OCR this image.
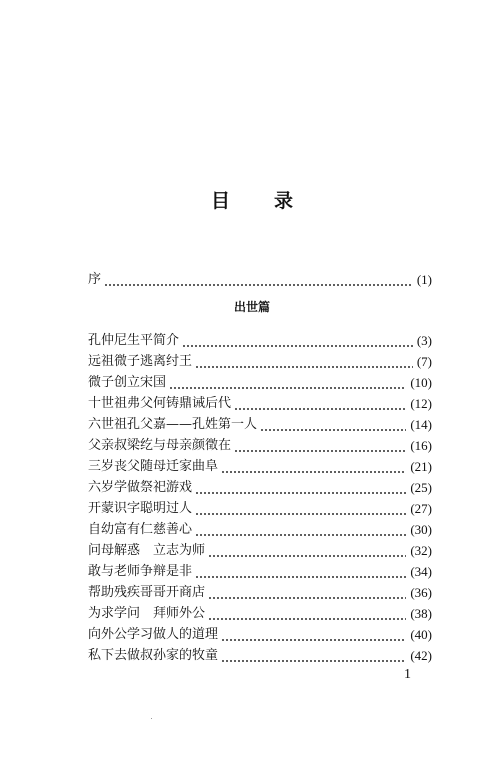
目 录
序	(1)
出世篇
孔仲尼生平简介	(3)
远祖微子逃离纣王	(7)
微子创立宋国	(10)
十世祖弗父何铸鼎诫后代	(12)
六世祖孔父嘉——孔姓第一人	(14)
父亲叔梁纥与母亲颜徵在	(16)
三岁丧父随母迁家曲阜	(21)
六岁学做祭祀游戏	(25)
开蒙识字聪明过人	(27)
自幼富有仁慈善心	(30)
问母解惑　立志为师	(32)
敢与老师争辩是非	(34)
帮助残疾哥哥开商店	(36)
为求学问　拜师外公	(38)
向外公学习做人的道理	(40)
私下去做叔孙家的牧童	(42)
1
